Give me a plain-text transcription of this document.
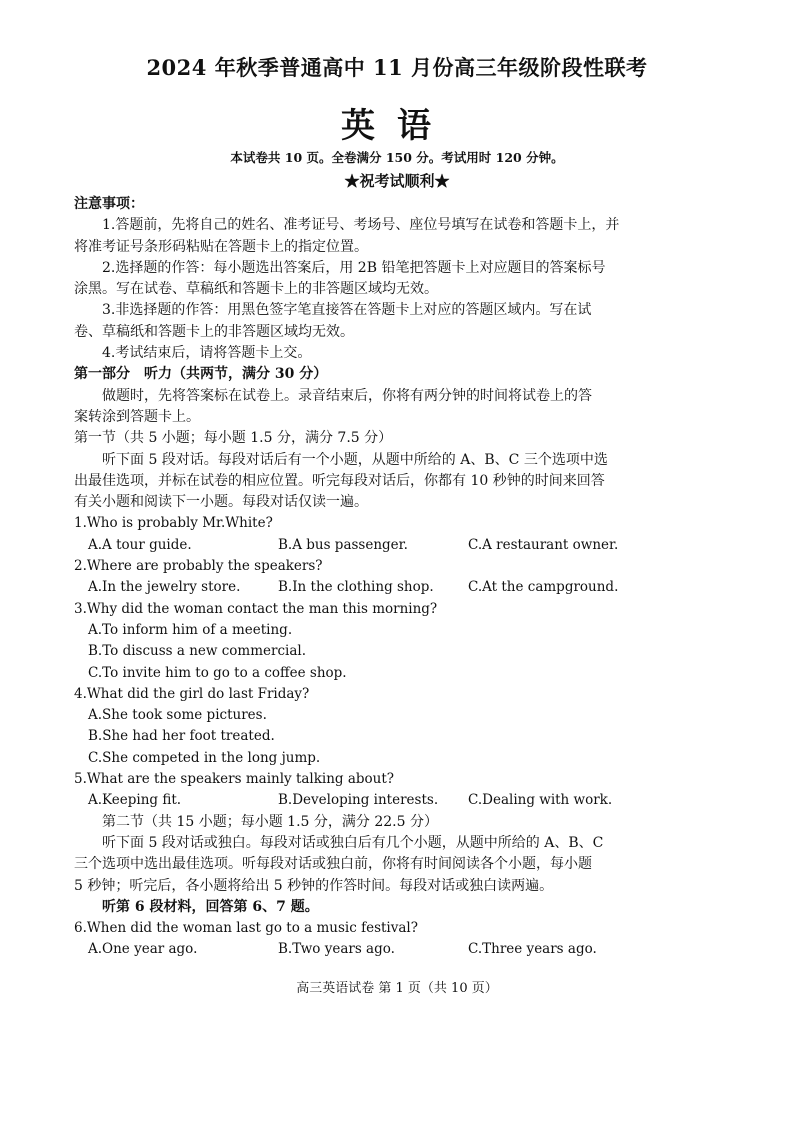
2024 年秋季普通高中 11 月份高三年级阶段性联考
英语
本试卷共 10 页。全卷满分 150 分。考试用时 120 分钟。
★祝考试顺利★
注意事项：
1.答题前，先将自己的姓名、准考证号、考场号、座位号填写在试卷和答题卡上，并
将准考证号条形码粘贴在答题卡上的指定位置。
2.选择题的作答：每小题选出答案后，用 2B 铅笔把答题卡上对应题目的答案标号
涂黑。写在试卷、草稿纸和答题卡上的非答题区域均无效。
3.非选择题的作答：用黑色签字笔直接答在答题卡上对应的答题区域内。写在试
卷、草稿纸和答题卡上的非答题区域均无效。
4.考试结束后，请将答题卡上交。
第一部分　听力（共两节，满分 30 分）
做题时，先将答案标在试卷上。录音结束后，你将有两分钟的时间将试卷上的答
案转涂到答题卡上。
第一节（共 5 小题；每小题 1.5 分，满分 7.5 分）
听下面 5 段对话。每段对话后有一个小题，从题中所给的 A、B、C 三个选项中选
出最佳选项，并标在试卷的相应位置。听完每段对话后，你都有 10 秒钟的时间来回答
有关小题和阅读下一小题。每段对话仅读一遍。
1.Who is probably Mr.White?
A.A tour guide.	B.A bus passenger.	C.A restaurant owner.
2.Where are probably the speakers?
A.In the jewelry store.	B.In the clothing shop.	C.At the campground.
3.Why did the woman contact the man this morning?
A.To inform him of a meeting.
B.To discuss a new commercial.
C.To invite him to go to a coffee shop.
4.What did the girl do last Friday?
A.She took some pictures.
B.She had her foot treated.
C.She competed in the long jump.
5.What are the speakers mainly talking about?
A.Keeping fit.	B.Developing interests.	C.Dealing with work.
第二节（共 15 小题；每小题 1.5 分，满分 22.5 分）
听下面 5 段对话或独白。每段对话或独白后有几个小题，从题中所给的 A、B、C
三个选项中选出最佳选项。听每段对话或独白前，你将有时间阅读各个小题，每小题
5 秒钟；听完后，各小题将给出 5 秒钟的作答时间。每段对话或独白读两遍。
听第 6 段材料，回答第 6、7 题。
6.When did the woman last go to a music festival?
A.One year ago.	B.Two years ago.	C.Three years ago.
高三英语试卷 第 1 页（共 10 页）
